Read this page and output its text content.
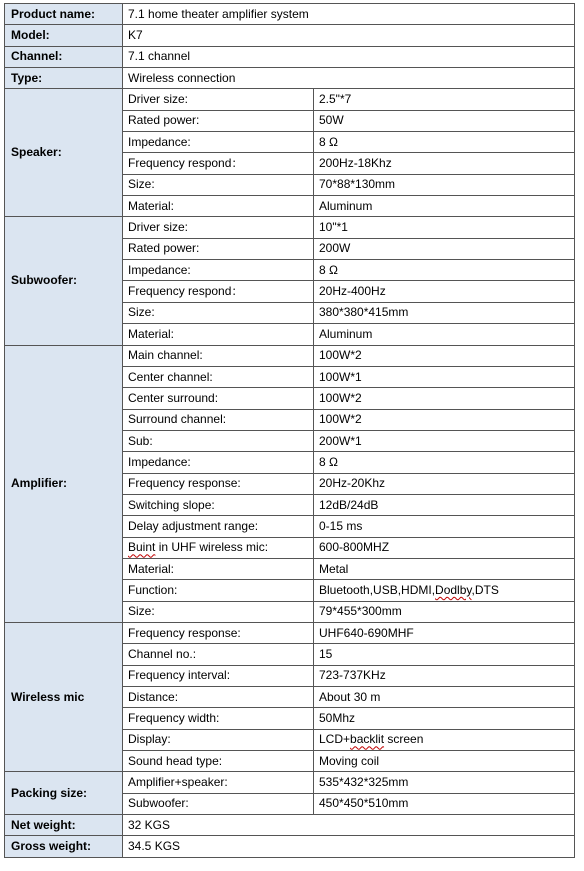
Product name:	7.1 home theater amplifier system	
Model:	K7	
Channel:	7.1 channel	
Type:	Wireless connection	
Speaker:	Driver size:	2.5"*7
	Rated power:	50W
	Impedance:	8 Ω
	Frequency respond：	200Hz-18Khz
	Size:	70*88*130mm
	Material:	Aluminum
Subwoofer:	Driver size:	10"*1
	Rated power:	200W
	Impedance:	8 Ω
	Frequency respond：	20Hz-400Hz
	Size:	380*380*415mm
	Material:	Aluminum
Amplifier:	Main channel:	100W*2
	Center channel:	100W*1
	Center surround:	100W*2
	Surround channel:	100W*2
	Sub:	200W*1
	Impedance:	8 Ω
	Frequency response:	20Hz-20Khz
	Switching slope:	12dB/24dB
	Delay adjustment range:	0-15 ms
	Buint in UHF wireless mic:	600-800MHZ
	Material:	Metal
	Function:	Bluetooth,USB,HDMI,Dodlby,DTS
	Size:	79*455*300mm
Wireless mic	Frequency response:	UHF640-690MHF
	Channel no.:	15
	Frequency interval:	723-737KHz
	Distance:	About 30 m
	Frequency width:	50Mhz
	Display:	LCD+backlit screen
	Sound head type:	Moving coil
Packing size:	Amplifier+speaker:	535*432*325mm
	Subwoofer:	450*450*510mm
Net weight:	32 KGS	
Gross weight:	34.5 KGS	
